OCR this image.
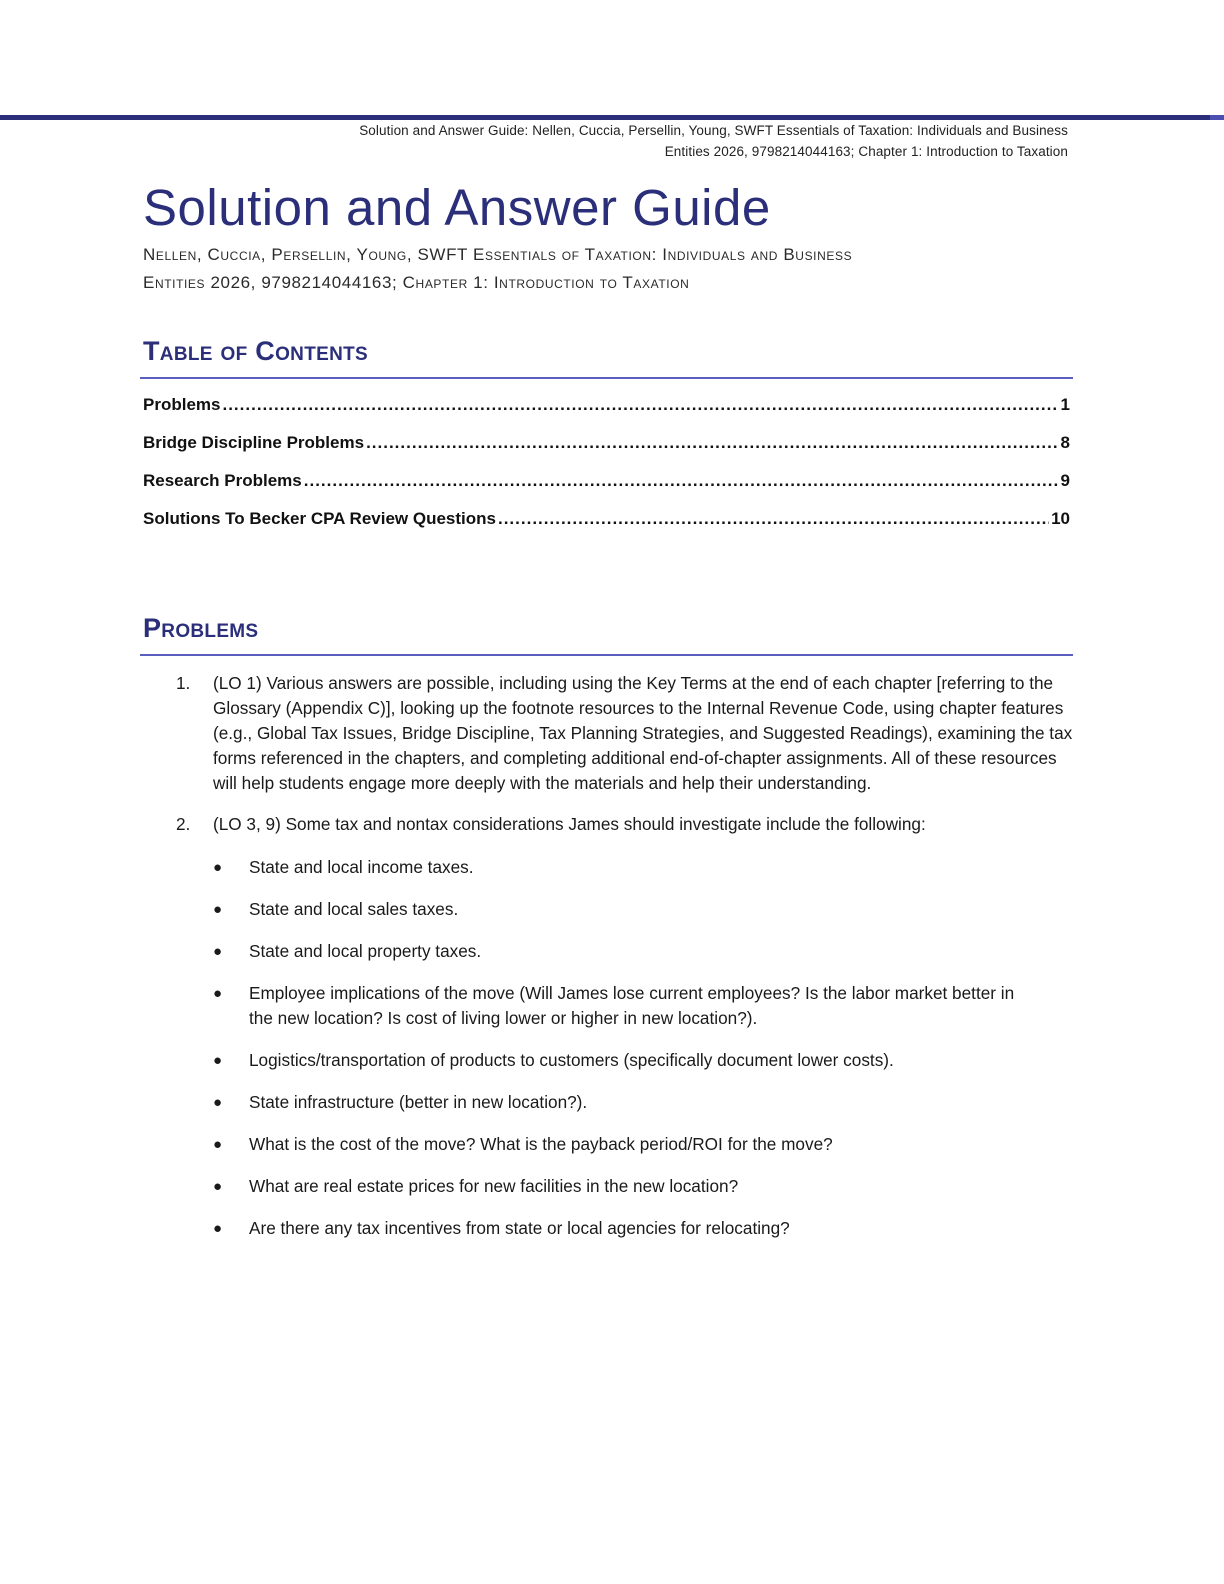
Solution and Answer Guide: Nellen, Cuccia, Persellin, Young, SWFT Essentials of Taxation: Individuals and Business
Entities 2026, 9798214044163; Chapter 1: Introduction to Taxation
Solution and Answer Guide
Nellen, Cuccia, Persellin, Young, SWFT Essentials of Taxation: Individuals and Business
Entities 2026, 9798214044163; Chapter 1: Introduction to Taxation
Table of Contents
Problems .....	1
Bridge Discipline Problems .....	8
Research Problems .....	9
Solutions To Becker CPA Review Questions .....	10
Problems
1.	(LO 1) Various answers are possible, including using the Key Terms at the end of each chapter [referring to the Glossary (Appendix C)], looking up the footnote resources to the Internal Revenue Code, using chapter features (e.g., Global Tax Issues, Bridge Discipline, Tax Planning Strategies, and Suggested Readings), examining the tax forms referenced in the chapters, and completing additional end-of-chapter assignments. All of these resources will help students engage more deeply with the materials and help their understanding.
2.	(LO 3, 9) Some tax and nontax considerations James should investigate include the following:
●	State and local income taxes.
●	State and local sales taxes.
●	State and local property taxes.
●	Employee implications of the move (Will James lose current employees? Is the labor market better in the new location? Is cost of living lower or higher in new location?).
●	Logistics/transportation of products to customers (specifically document lower costs).
●	State infrastructure (better in new location?).
●	What is the cost of the move? What is the payback period/ROI for the move?
●	What are real estate prices for new facilities in the new location?
●	Are there any tax incentives from state or local agencies for relocating?
